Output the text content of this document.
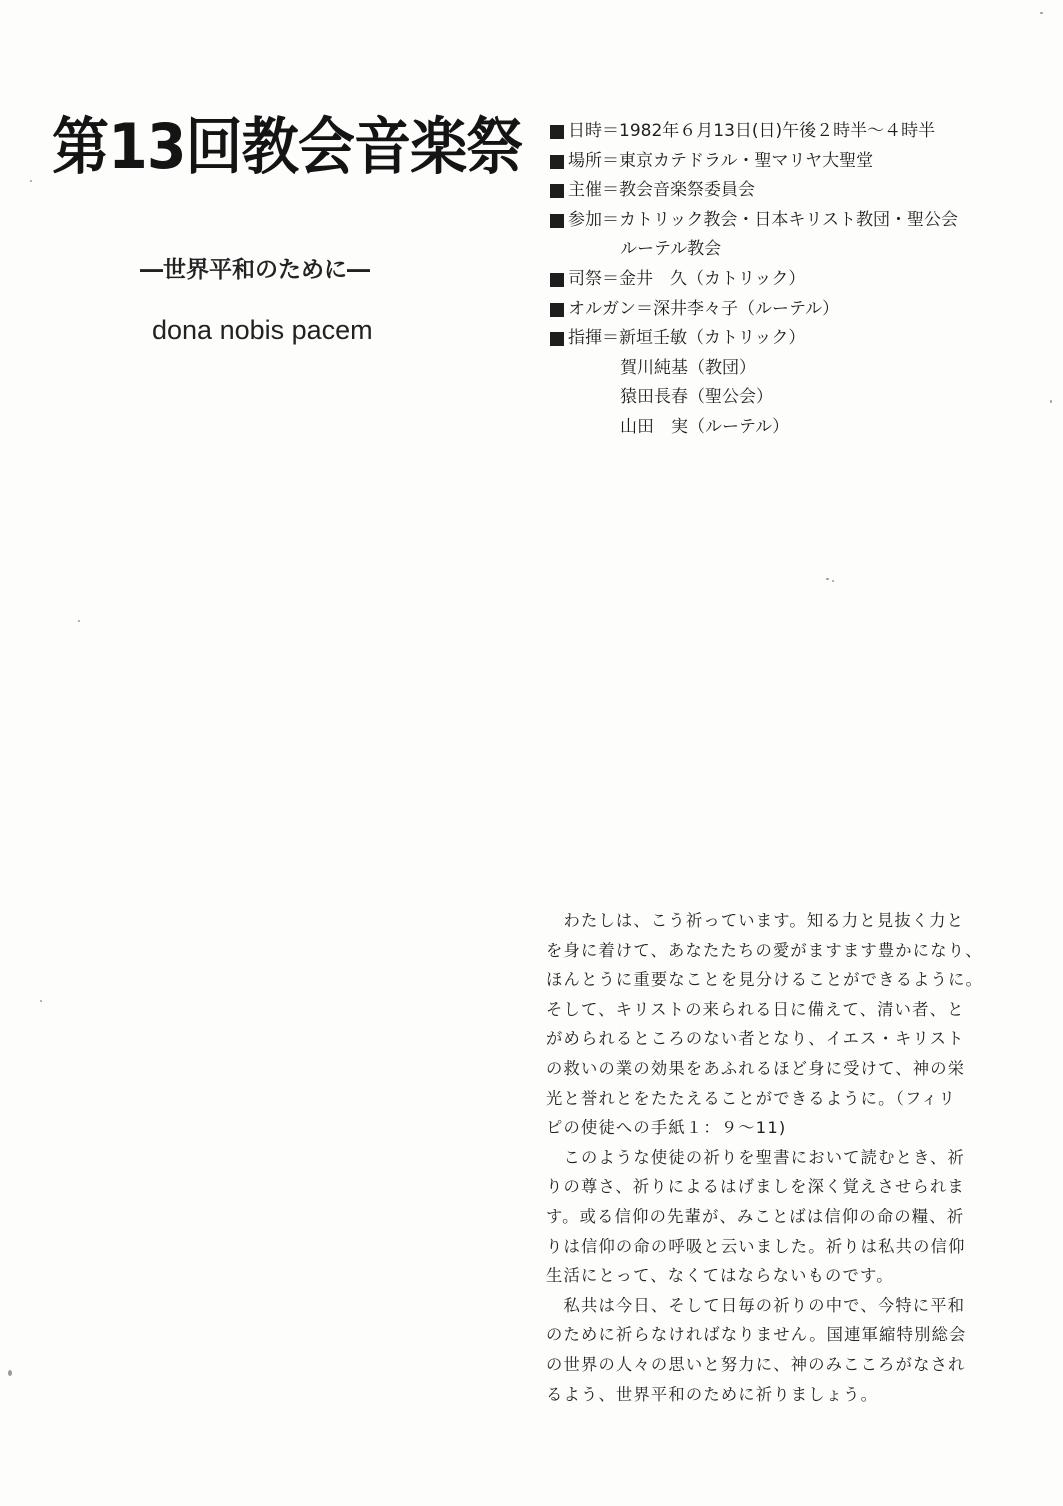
第13回教会音楽祭
―世界平和のために―
dona nobis pacem
日時＝1982年６月13日(日)午後２時半～４時半
場所＝東京カテドラル・聖マリヤ大聖堂
主催＝教会音楽祭委員会
参加＝カトリック教会・日本キリスト教団・聖公会
ルーテル教会
司祭＝金井　久（カトリック）
オルガン＝深井李々子（ルーテル）
指揮＝新垣壬敏（カトリック）
賀川純基（教団）
猿田長春（聖公会）
山田　実（ルーテル）
　わたしは、こう祈っています。知る力と見抜く力と
を身に着けて、あなたたちの愛がますます豊かになり、
ほんとうに重要なことを見分けることができるように。
そして、キリストの来られる日に備えて、清い者、と
がめられるところのない者となり、イエス・キリスト
の救いの業の効果をあふれるほど身に受けて、神の栄
光と誉れとをたたえることができるように。（フィリ
ピの使徒への手紙１：９～11)
　このような使徒の祈りを聖書において読むとき、祈
りの尊さ、祈りによるはげましを深く覚えさせられま
す。或る信仰の先輩が、みことばは信仰の命の糧、祈
りは信仰の命の呼吸と云いました。祈りは私共の信仰
生活にとって、なくてはならないものです。
　私共は今日、そして日毎の祈りの中で、今特に平和
のために祈らなければなりません。国連軍縮特別総会
の世界の人々の思いと努力に、神のみこころがなされ
るよう、世界平和のために祈りましょう。
